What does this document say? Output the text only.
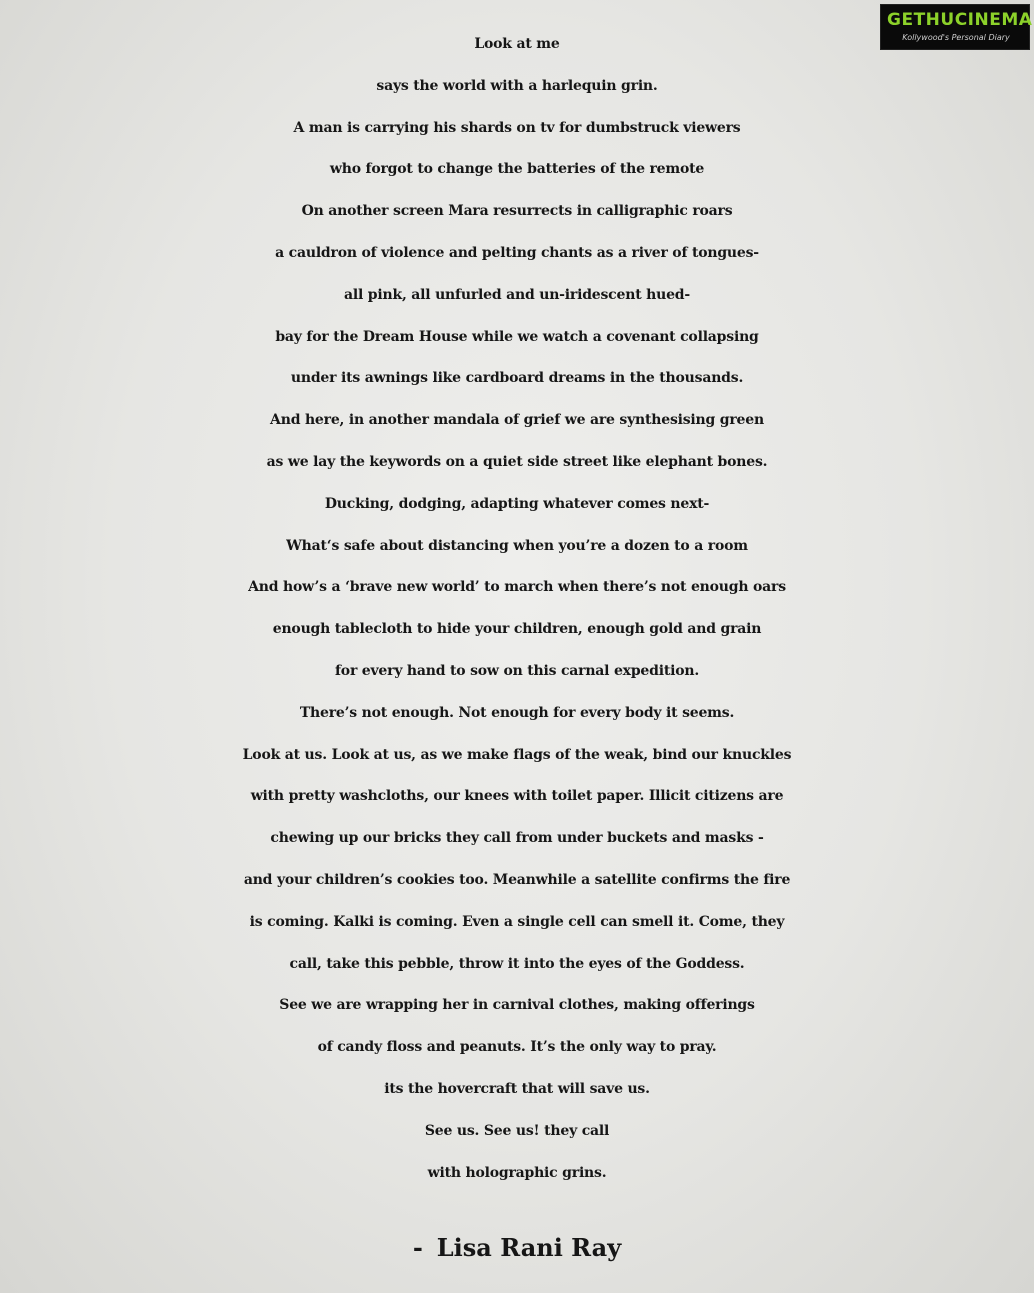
GETHUCINEMA
Kollywood's Personal Diary
Look at me
says the world with a harlequin grin.
A man is carrying his shards on tv for dumbstruck viewers
who forgot to change the batteries of the remote
On another screen Mara resurrects in calligraphic roars
a cauldron of violence and pelting chants as a river of tongues-
all pink, all unfurled and un-iridescent hued-
bay for the Dream House while we watch a covenant collapsing
under its awnings like cardboard dreams in the thousands.
And here, in another mandala of grief we are synthesising green
as we lay the keywords on a quiet side street like elephant bones.
Ducking, dodging, adapting whatever comes next-
What‘s safe about distancing when you’re a dozen to a room
And how’s a ‘brave new world’ to march when there’s not enough oars
enough tablecloth to hide your children, enough gold and grain
for every hand to sow on this carnal expedition.
There’s not enough. Not enough for every body it seems.
Look at us. Look at us, as we make flags of the weak, bind our knuckles
with pretty washcloths, our knees with toilet paper. Illicit citizens are
chewing up our bricks they call from under buckets and masks -
and your children’s cookies too. Meanwhile a satellite confirms the fire
is coming. Kalki is coming. Even a single cell can smell it. Come, they
call, take this pebble, throw it into the eyes of the Goddess.
See we are wrapping her in carnival clothes, making offerings
of candy floss and peanuts. It’s the only way to pray.
its the hovercraft that will save us.
See us. See us! they call
with holographic grins.
- Lisa Rani Ray
